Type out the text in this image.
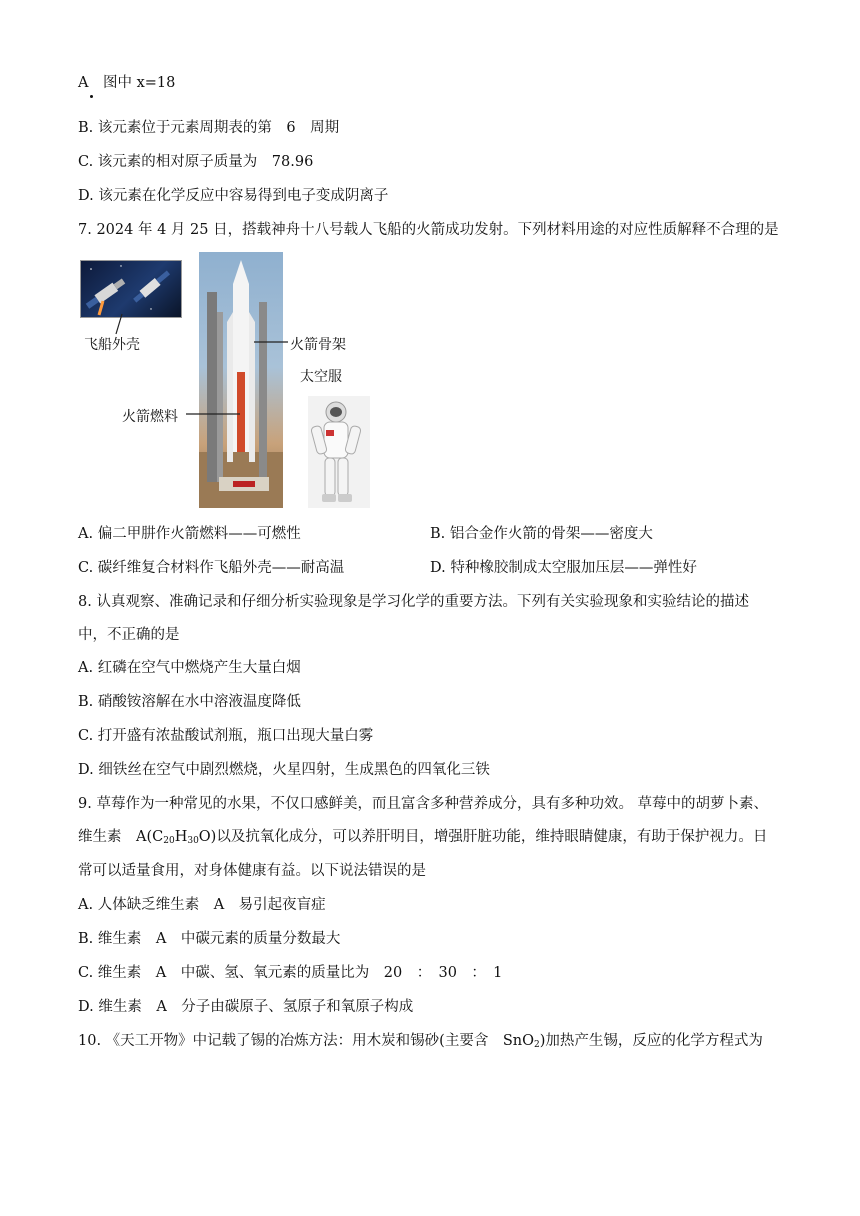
A　图中 x=18
B. 该元素位于元素周期表的第　6　周期
C. 该元素的相对原子质量为　78.96
D. 该元素在化学反应中容易得到电子变成阴离子
7. 2024 年 4 月 25 日，搭载神舟十八号载人飞船的火箭成功发射。下列材料用途的对应性质解释不合理的是
飞船外壳	火箭骨架
太空服
火箭燃料
A. 偏二甲肼作火箭燃料——可燃性	B. 铝合金作火箭的骨架——密度大
C. 碳纤维复合材料作飞船外壳——耐高温	D. 特种橡胶制成太空服加压层——弹性好
8. 认真观察、准确记录和仔细分析实验现象是学习化学的重要方法。下列有关实验现象和实验结论的描述
中，不正确的是
A. 红磷在空气中燃烧产生大量白烟
B. 硝酸铵溶解在水中溶液温度降低
C. 打开盛有浓盐酸试剂瓶，瓶口出现大量白雾
D. 细铁丝在空气中剧烈燃烧，火星四射，生成黑色的四氧化三铁
9. 草莓作为一种常见的水果，不仅口感鲜美，而且富含多种营养成分，具有多种功效。 草莓中的胡萝卜素、
维生素　$A(C_{20}H_{30}O)$以及抗氧化成分，可以养肝明目，增强肝脏功能，维持眼睛健康，有助于保护视力。日
常可以适量食用，对身体健康有益。以下说法错误的是
A. 人体缺乏维生素　A　易引起夜盲症
B. 维生素　A　中碳元素的质量分数最大
C. 维生素　A　中碳、氢、氧元素的质量比为　20　：　30　：　1
D. 维生素　A　分子由碳原子、氢原子和氧原子构成
10. 《天工开物》中记载了锡的冶炼方法：用木炭和锡砂(主要含　SnO$_2$)加热产生锡，反应的化学方程式为
